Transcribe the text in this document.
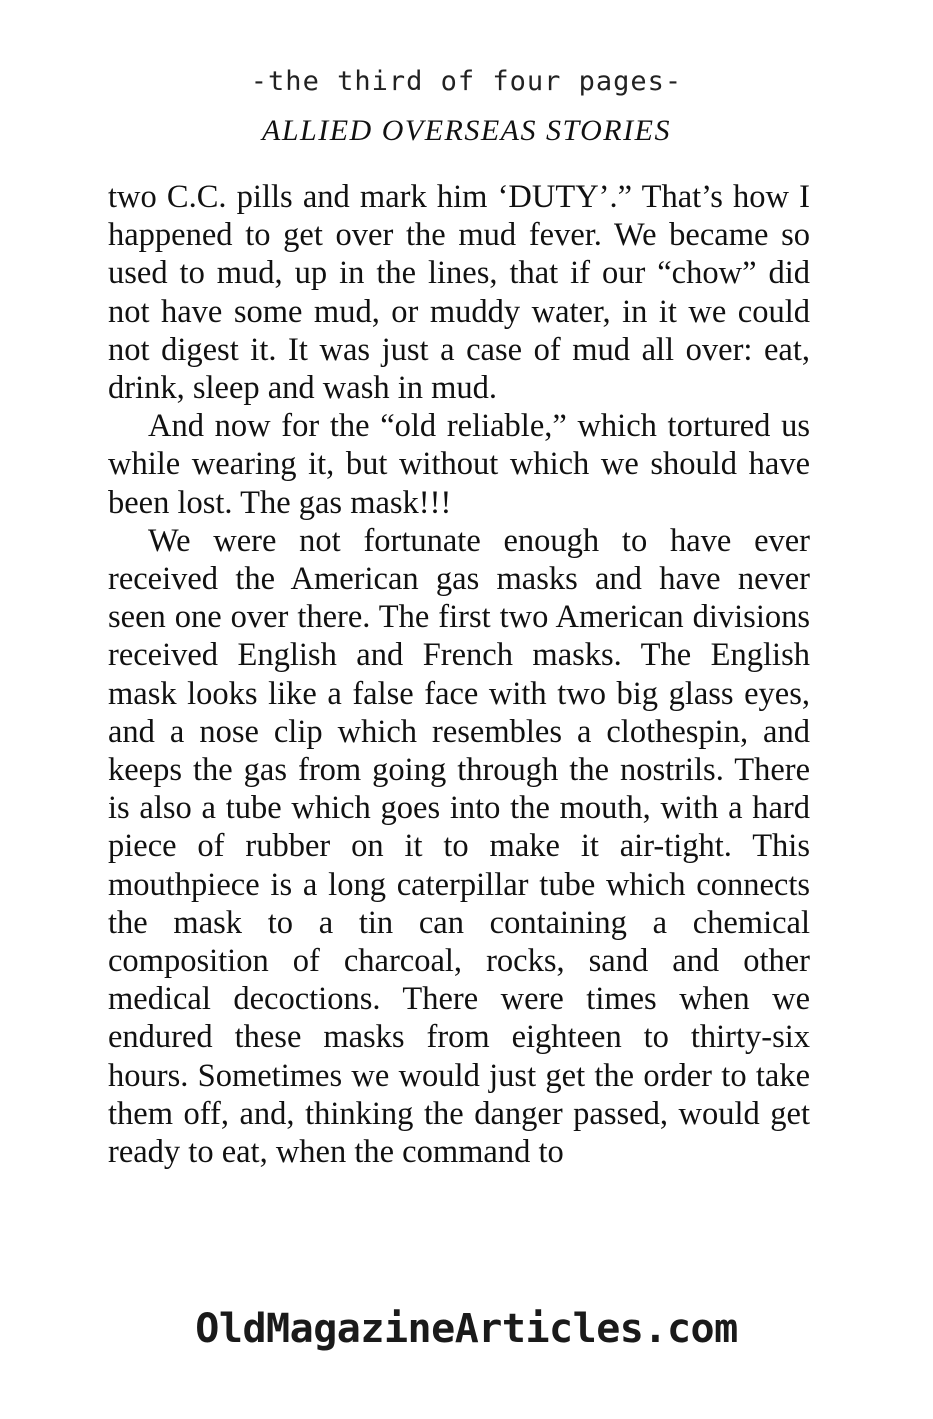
-the third of four pages-
ALLIED OVERSEAS STORIES

two C.C. pills and mark him ‘DUTY’.” That’s how I happened to get over the mud fever. We became so used to mud, up in the lines, that if our “chow” did not have some mud, or muddy water, in it we could not digest it. It was just a case of mud all over: eat, drink, sleep and wash in mud.

And now for the “old reliable,” which tortured us while wearing it, but without which we should have been lost. The gas mask!!!

We were not fortunate enough to have ever received the American gas masks and have never seen one over there. The first two American divisions received English and French masks. The English mask looks like a false face with two big glass eyes, and a nose clip which resembles a clothespin, and keeps the gas from going through the nostrils. There is also a tube which goes into the mouth, with a hard piece of rubber on it to make it air-tight. This mouthpiece is a long caterpillar tube which connects the mask to a tin can containing a chemical composition of charcoal, rocks, sand and other medical decoctions. There were times when we endured these masks from eighteen to thirty-six hours. Sometimes we would just get the order to take them off, and, thinking the danger passed, would get ready to eat, when the command to

OldMagazineArticles.com
